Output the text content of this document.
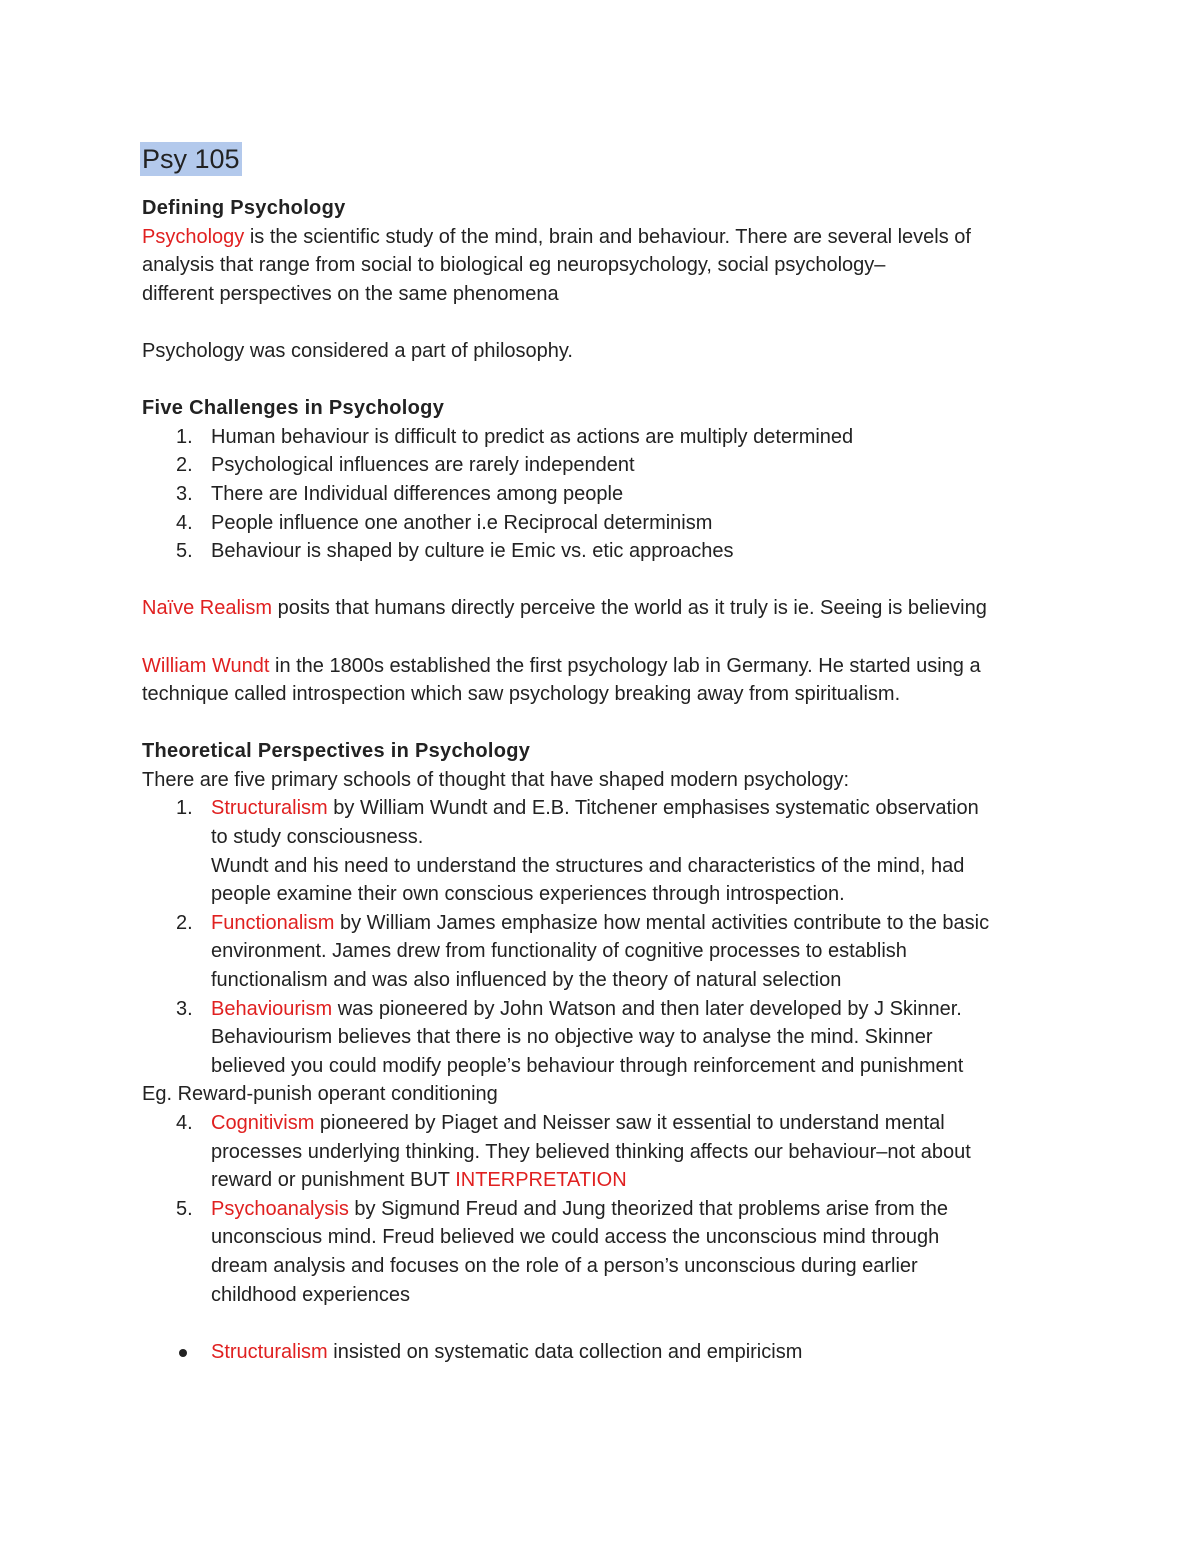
Psy 105

Defining Psychology

Psychology is the scientific study of the mind, brain and behaviour. There are several levels of

analysis that range from social to biological eg neuropsychology, social psychology–

different perspectives on the same phenomena

Psychology was considered a part of philosophy.

Five Challenges in Psychology

1. Human behaviour is difficult to predict as actions are multiply determined
2. Psychological influences are rarely independent
3. There are Individual differences among people
4. People influence one another i.e Reciprocal determinism
5. Behaviour is shaped by culture ie Emic vs. etic approaches

Naïve Realism posits that humans directly perceive the world as it truly is ie. Seeing is believing

William Wundt in the 1800s established the first psychology lab in Germany. He started using a

technique called introspection which saw psychology breaking away from spiritualism.

Theoretical Perspectives in Psychology

There are five primary schools of thought that have shaped modern psychology:

1. Structuralism by William Wundt and E.B. Titchener emphasises systematic observation
to study consciousness.
Wundt and his need to understand the structures and characteristics of the mind, had
people examine their own conscious experiences through introspection.
2. Functionalism by William James emphasize how mental activities contribute to the basic
environment. James drew from functionality of cognitive processes to establish
functionalism and was also influenced by the theory of natural selection
3. Behaviourism was pioneered by John Watson and then later developed by J Skinner.
Behaviourism believes that there is no objective way to analyse the mind. Skinner
believed you could modify people’s behaviour through reinforcement and punishment

Eg. Reward-punish operant conditioning

4. Cognitivism pioneered by Piaget and Neisser saw it essential to understand mental
processes underlying thinking. They believed thinking affects our behaviour–not about
reward or punishment BUT INTERPRETATION
5. Psychoanalysis by Sigmund Freud and Jung theorized that problems arise from the
unconscious mind. Freud believed we could access the unconscious mind through
dream analysis and focuses on the role of a person’s unconscious during earlier
childhood experiences
Structuralism insisted on systematic data collection and empiricism
